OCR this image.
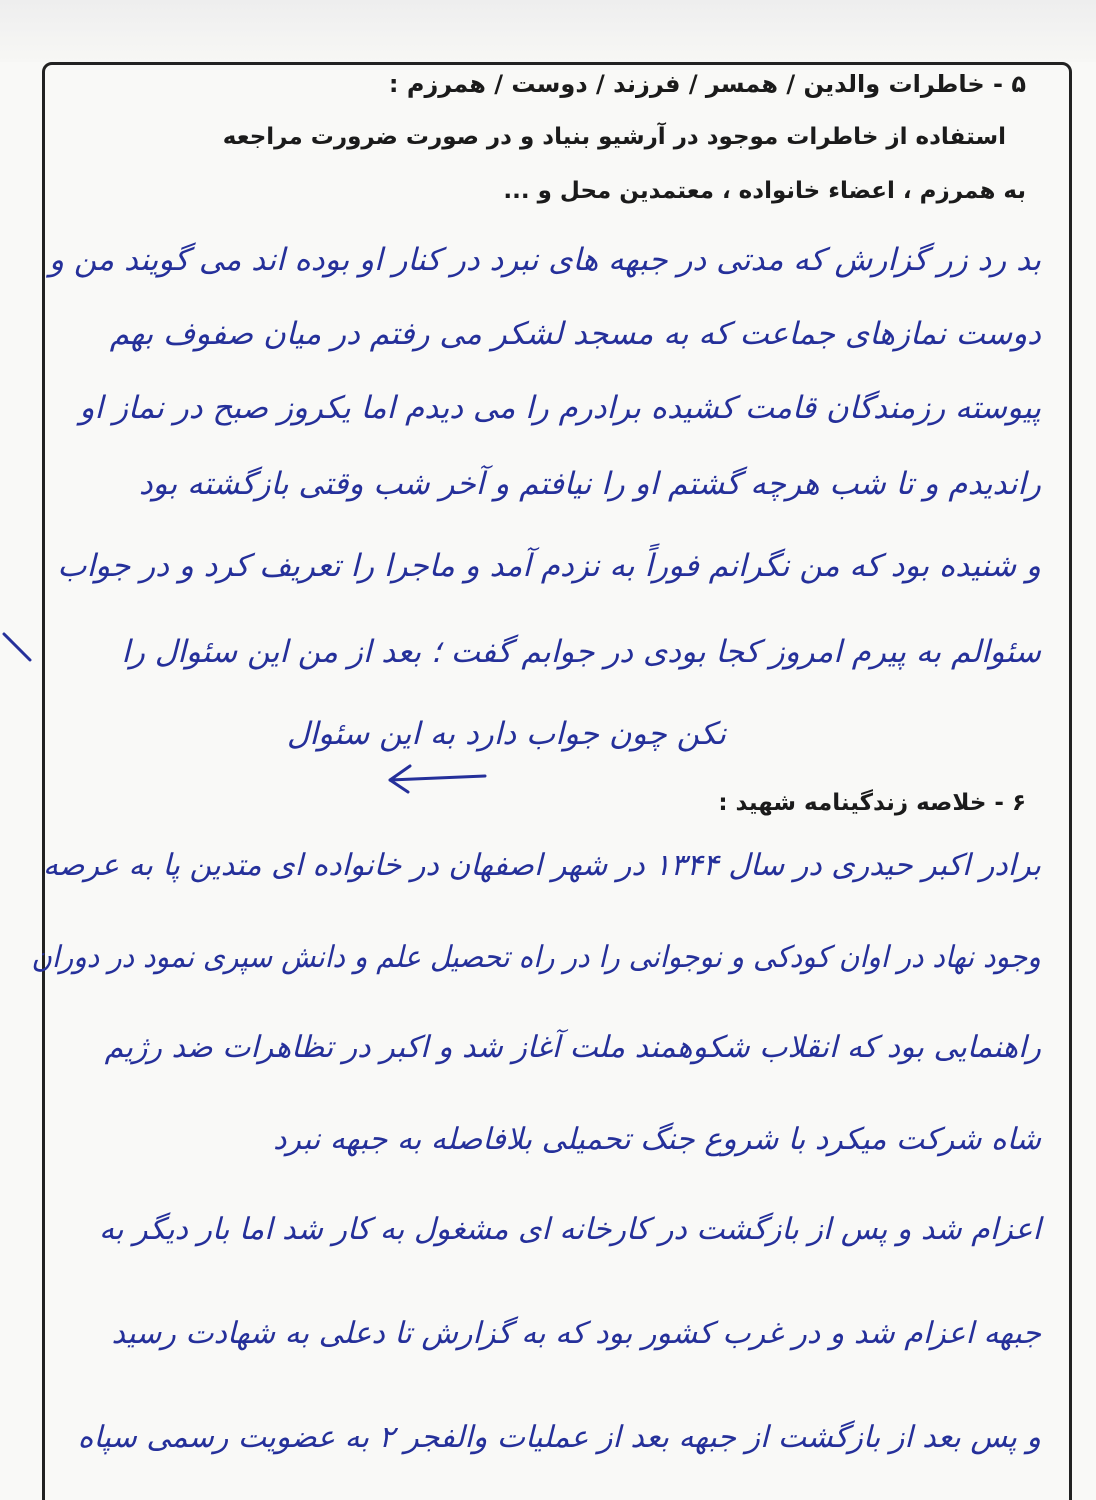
۵ - خاطرات والدین / همسر / فرزند / دوست / همرزم :
استفاده از خاطرات موجود در آرشیو بنیاد و در صورت ضرورت مراجعه
به همرزم ، اعضاء خانواده ، معتمدین محل و ...
بد رد زر گزارش که مدتی در جبهه های نبرد در کنار او بوده اند می گویند من و
دوست نمازهای جماعت که به مسجد لشکر می رفتم در میان صفوف بهم
پیوسته رزمندگان قامت کشیده برادرم را می دیدم اما یکروز صبح در نماز او
راندیدم و تا شب هرچه گشتم او را نیافتم و آخر شب وقتی بازگشته بود
و شنیده بود که من نگرانم فوراً به نزدم آمد و ماجرا را تعریف کرد و در جواب
سئوالم به پیرم امروز کجا بودی در جوابم گفت ؛ بعد از من این سئوال را
نکن چون جواب دارد به این سئوال
۶ - خلاصه زندگینامه شهید :
برادر اکبر حیدری در سال ۱۳۴۴ در شهر اصفهان در خانواده ای متدین پا به عرصه
وجود نهاد در اوان کودکی و نوجوانی را در راه تحصیل علم و دانش سپری نمود در دوران
راهنمایی بود که انقلاب شکوهمند ملت آغاز شد و اکبر در تظاهرات ضد رژیم
شاه شرکت میکرد با شروع جنگ تحمیلی بلافاصله به جبهه نبرد
اعزام شد و پس از بازگشت در کارخانه ای مشغول به کار شد اما بار دیگر به
جبهه اعزام شد و در غرب کشور بود که به گزارش تا دعلی به شهادت رسید
و پس بعد از بازگشت از جبهه بعد از عملیات والفجر ۲ به عضویت رسمی سپاه
